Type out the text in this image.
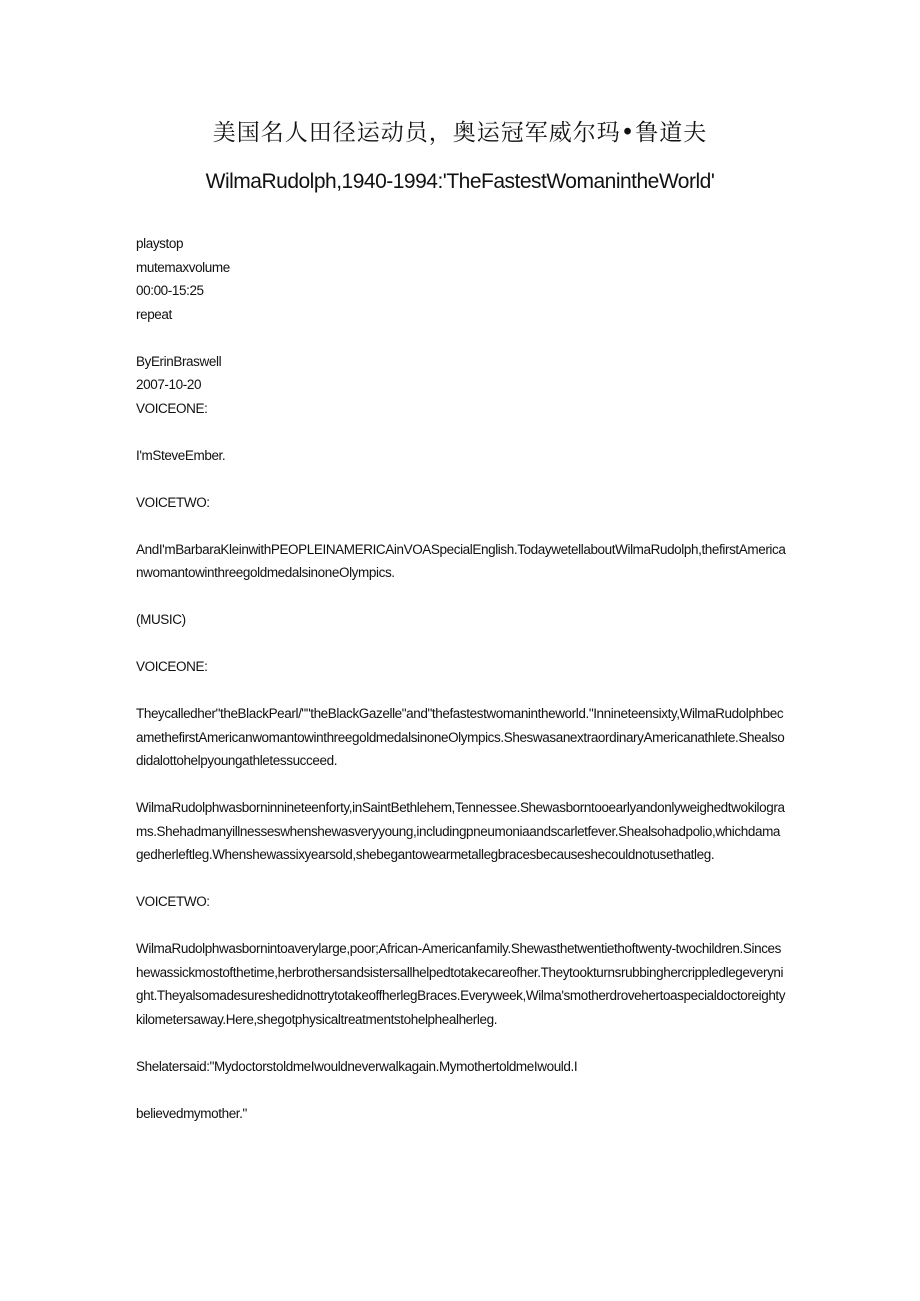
美国名人田径运动员，奥运冠军威尔玛•鲁道夫
WilmaRudolph,1940-1994:'TheFastestWomanintheWorld'
playstop
mutemaxvolume
00:00-15:25
repeat
ByErinBraswell
2007-10-20
VOICEONE:

I'mSteveEmber.

VOICETWO:

AndI'mBarbaraKleinwithPEOPLEINAMERICAinVOASpecialEnglish.TodaywetellaboutWilmaRudolph,thefirstAmericanwomantowinthreegoldmedalsinoneOlympics.

(MUSIC)

VOICEONE:

Theycalledher"theBlackPearl/""theBlackGazelle"and"thefastestwomanintheworld."Innineteensixty,WilmaRudolphbecamethefirstAmericanwomantowinthreegoldmedalsinoneOlympics.SheswasanextraordinaryAmericanathlete.Shealsodidalottohelpyoungathletessucceed.

WilmaRudolphwasborninnineteenforty,inSaintBethlehem,Tennessee.Shewasborntooearlyandonlyweighedtwokilograms.Shehadmanyillnesseswhenshewasveryyoung,includingpneumoniaandscarletfever.Shealsohadpolio,whichdamagedherleftleg.Whenshewassixyearsold,shebegantowearmetallegbracesbecauseshecouldnotusethatleg.

VOICETWO:

WilmaRudolphwasbornintoaverylarge,poor;African-Americanfamily.Shewasthetwentiethoftwenty-twochildren.Sinceshewassickmostofthetime,herbrothersandsistersallhelpedtotakecareofher.Theytookturnsrubbinghercrippledlegeverynight.TheyalsomadesureshedidnottrytotakeoffherlegBraces.Everyweek,Wilma'smotherdrovehertoaspecialdoctoreightykilometersaway.Here,shegotphysicaltreatmentstohelphealherleg.

Shelatersaid:"MydoctorstoldmeIwouldneverwalkagain.MymothertoldmeIwould.I

believedmymother."
